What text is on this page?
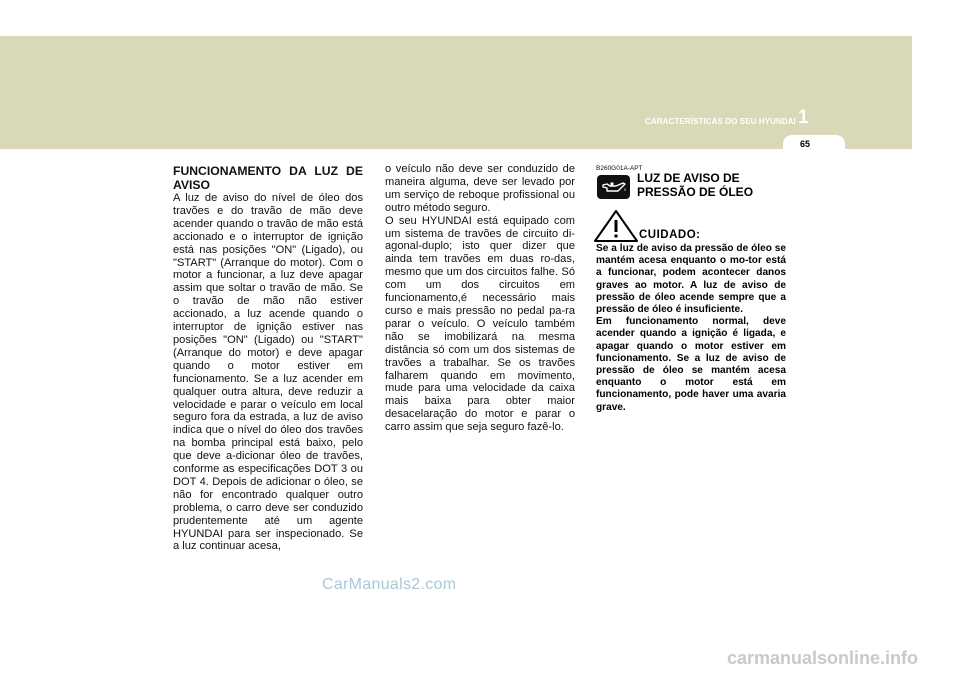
CARACTERÍSTICAS DO SEU HYUNDAI 1
65

FUNCIONAMENTO DA LUZ DE AVISO

A luz de aviso do nível de óleo dos travões e do travão de mão deve acender quando o travão de mão está accionado e o interruptor de ignição está nas posições "ON" (Ligado), ou "START" (Arranque do motor). Com o motor a funcionar, a luz deve apagar assim que soltar o travão de mão. Se o travão de mão não estiver accionado, a luz acende quando o interruptor de ignição estiver nas posições "ON" (Ligado) ou "START" (Arranque do motor) e deve apagar quando o motor estiver em funcionamento. Se a luz acender em qualquer outra altura, deve reduzir a velocidade e parar o veículo em local seguro fora da estrada, a luz de aviso indica que o nível do óleo dos travões na bomba principal está baixo, pelo que deve a-dicionar óleo de travões, conforme as especificações DOT 3 ou DOT 4. Depois de adicionar o óleo, se não for encontrado qualquer outro problema, o carro deve ser conduzido prudentemente até um agente HYUNDAI para ser inspecionado. Se a luz continuar acesa,

o veículo não deve ser conduzido de maneira alguma, deve ser levado por um serviço de reboque profissional ou outro método seguro.

O seu HYUNDAI está equipado com um sistema de travões de circuito di-agonal-duplo; isto quer dizer que ainda tem travões em duas ro-das, mesmo que um dos circuitos falhe. Só com um dos circuitos em funcionamento,é necessário mais curso e mais pressão no pedal pa-ra parar o veículo. O veículo também não se imobilizará na mesma distância só com um dos sistemas de travões a trabalhar. Se os travões falharem quando em movimento, mude para uma velocidade da caixa mais baixa para obter maior desacelaração do motor e parar o carro assim que seja seguro fazê-lo.

B260G01A-APT
LUZ DE AVISO DE
PRESSÃO DE ÓLEO
CUIDADO:
Se a luz de aviso da pressão de óleo se mantém acesa enquanto o mo-tor está a funcionar, podem acontecer danos graves ao motor. A luz de aviso de pressão de óleo acende sempre que a pressão de óleo é insuficiente.
Em funcionamento normal, deve acender quando a ignição é ligada, e apagar quando o motor estiver em funcionamento. Se a luz de aviso de pressão de óleo se mantém acesa enquanto o motor está em funcionamento, pode haver uma avaria grave.
CarManuals2.com
carmanualsonline.info
